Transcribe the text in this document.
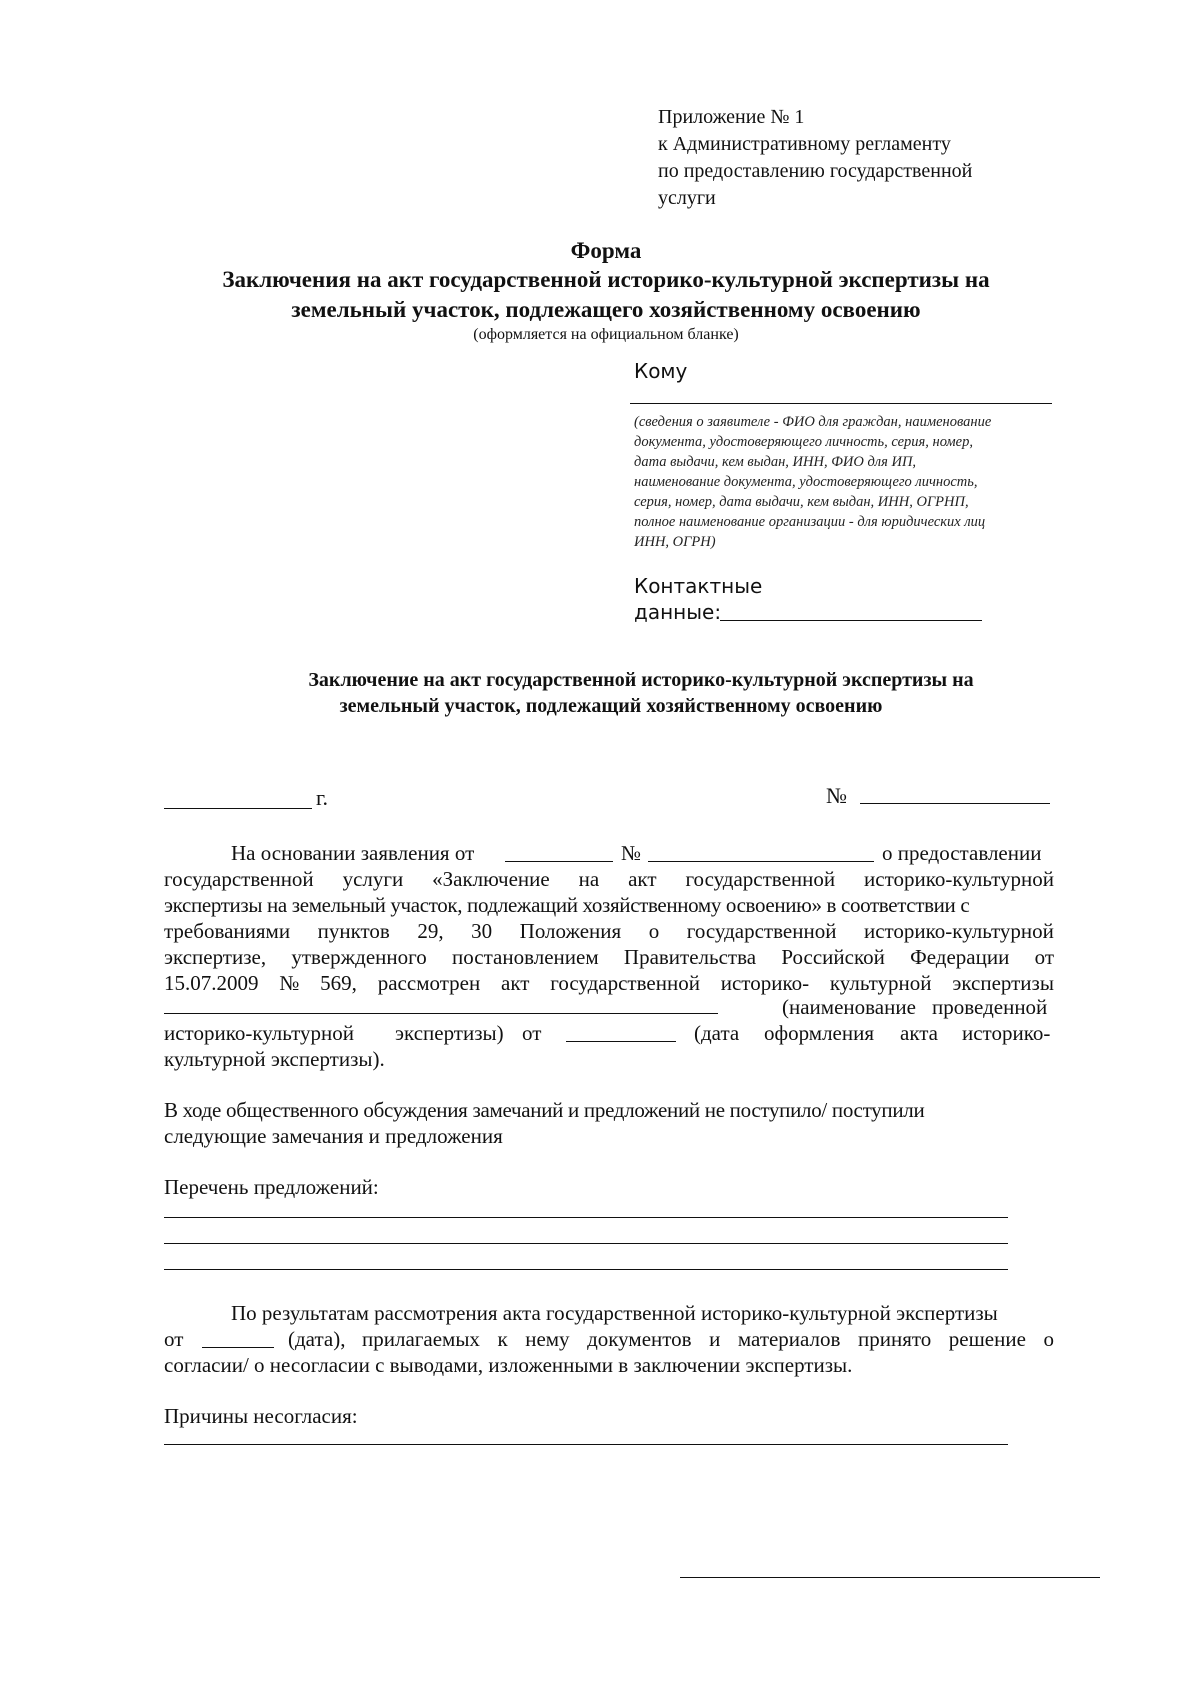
Приложение № 1
к Административному регламенту
по предоставлению государственной
услуги
Форма
Заключения на акт государственной историко-культурной экспертизы на
земельный участок, подлежащего хозяйственному освоению
(оформляется на официальном бланке)
Кому
(сведения о заявителе - ФИО для граждан, наименование
документа, удостоверяющего личность, серия, номер,
дата выдачи, кем выдан, ИНН, ФИО для ИП,
наименование документа, удостоверяющего личность,
серия, номер, дата выдачи, кем выдан, ИНН, ОГРНП,
полное наименование организации - для юридических лиц
ИНН, ОГРН)
Контактные
данные:
Заключение на акт государственной историко-культурной экспертизы на
земельный участок, подлежащий хозяйственному освоению
г.	№
На основании заявления от	№	о предоставлении
государственной услуги «Заключение на акт государственной историко-культурной
экспертизы на земельный участок, подлежащий хозяйственному освоению» в соответствии с
требованиями пунктов 29, 30 Положения о государственной историко-культурной
экспертизе, утвержденного постановлением Правительства Российской Федерации от
15.07.2009 № 569, рассмотрен акт государственной историко- культурной экспертизы
(наименование проведенной
историко-культурной экспертизы) от	(дата оформления акта историко-
культурной экспертизы).
В ходе общественного обсуждения замечаний и предложений не поступило/ поступили
следующие замечания и предложения
Перечень предложений:
По результатам рассмотрения акта государственной историко-культурной экспертизы
от	(дата), прилагаемых к нему документов и материалов принято решение о
согласии/ о несогласии с выводами, изложенными в заключении экспертизы.
Причины несогласия:
